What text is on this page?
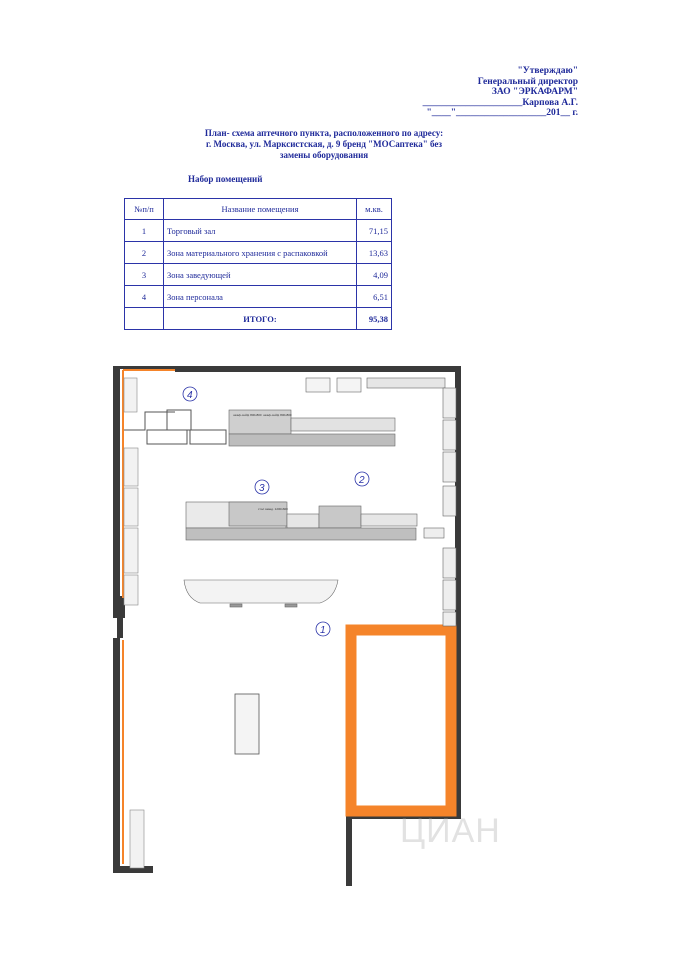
"Утверждаю"
Генеральный директор
ЗАО "ЭРКАФАРМ"
_____________________Карпова А.Г.
"____"___________________201__ г.
План- схема аптечного пункта, расположенного по адресу:
г. Москва, ул. Марксистская, д. 9 бренд "МОСаптека" без
замены оборудования
Набор помещений
№п/п	Название помещения	м.кв.
1	Торговый зал	71,15
2	Зона материального хранения с распаковкой	13,63
3	Зона заведующей	4,09
4	Зона персонала	6,51
	ИТОГО:	95,38
шкаф-сейф 800х800 шкаф-сейф 800х800
стол завед. 1200х600
4
2
3
1
ЦИАН
